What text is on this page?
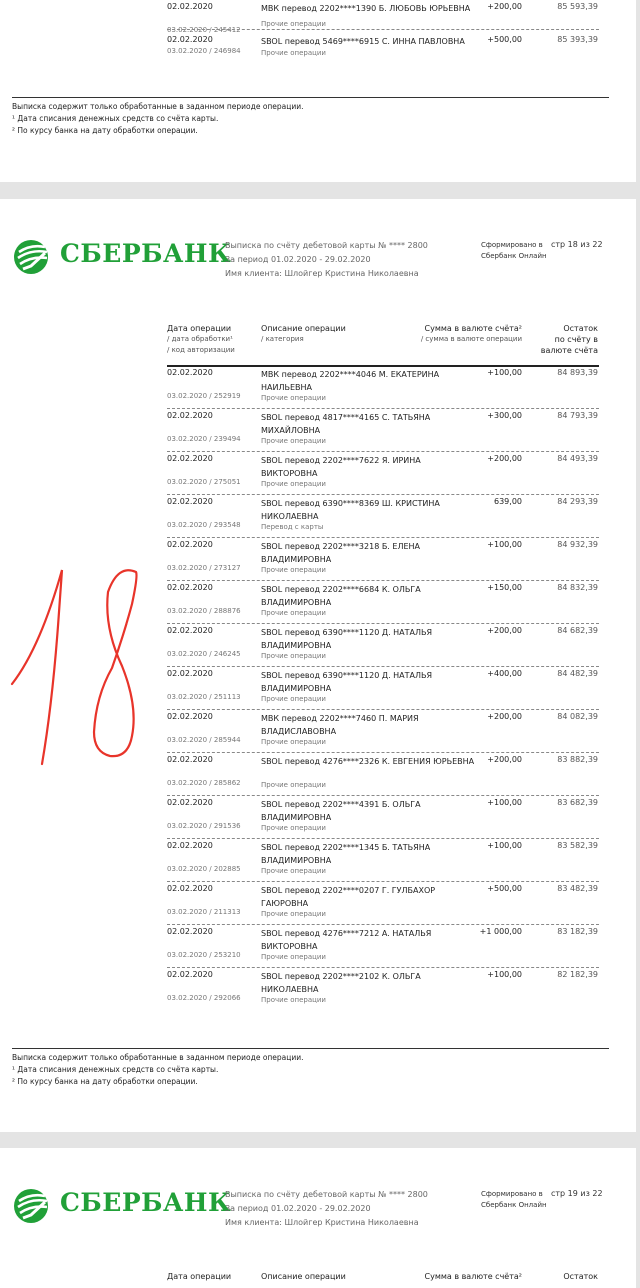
02.02.2020
03.02.2020 / 245412
МВК перевод 2202****1390 Б. ЛЮБОВЬ ЮРЬЕВНА
Прочие операции
+200,00	85 593,39
02.02.2020
03.02.2020 / 246984
SBOL перевод 5469****6915 С. ИННА ПАВЛОВНА
Прочие операции
+500,00	85 393,39
Выписка содержит только обработанные в заданном периоде операции.
¹ Дата списания денежных средств со счёта карты.
² По курсу банка на дату обработки операции.
СБЕРБАНК
Выписка по счёту дебетовой карты № **** 2800
За период 01.02.2020 - 29.02.2020
Имя клиента: Шлойгер Кристина Николаевна
Сформировано в
Сбербанк Онлайн
стр 18 из 22
Дата операции
/ дата обработки¹
/ код авторизации
Описание операции
/ категория
Сумма в валюте счёта²
/ сумма в валюте операции
Остаток
по счёту в
валюте счёта
02.02.2020
03.02.2020 / 252919
МВК перевод 2202****4046 М. ЕКАТЕРИНА НАИЛЬЕВНА
Прочие операции
+100,00	84 893,39
02.02.2020
03.02.2020 / 239494
SBOL перевод 4817****4165 С. ТАТЬЯНА МИХАЙЛОВНА
Прочие операции
+300,00	84 793,39
02.02.2020
03.02.2020 / 275051
SBOL перевод 2202****7622 Я. ИРИНА ВИКТОРОВНА
Прочие операции
+200,00	84 493,39
02.02.2020
03.02.2020 / 293548
SBOL перевод 6390****8369 Ш. КРИСТИНА НИКОЛАЕВНА
Перевод с карты
639,00	84 293,39
02.02.2020
03.02.2020 / 273127
SBOL перевод 2202****3218 Б. ЕЛЕНА ВЛАДИМИРОВНА
Прочие операции
+100,00	84 932,39
02.02.2020
03.02.2020 / 288876
SBOL перевод 2202****6684 К. ОЛЬГА ВЛАДИМИРОВНА
Прочие операции
+150,00	84 832,39
02.02.2020
03.02.2020 / 246245
SBOL перевод 6390****1120 Д. НАТАЛЬЯ ВЛАДИМИРОВНА
Прочие операции
+200,00	84 682,39
02.02.2020
03.02.2020 / 251113
SBOL перевод 6390****1120 Д. НАТАЛЬЯ ВЛАДИМИРОВНА
Прочие операции
+400,00	84 482,39
02.02.2020
03.02.2020 / 285944
МВК перевод 2202****7460 П. МАРИЯ ВЛАДИСЛАВОВНА
Прочие операции
+200,00	84 082,39
02.02.2020
03.02.2020 / 285862
SBOL перевод 4276****2326 К. ЕВГЕНИЯ ЮРЬЕВНА
Прочие операции
+200,00	83 882,39
02.02.2020
03.02.2020 / 291536
SBOL перевод 2202****4391 Б. ОЛЬГА ВЛАДИМИРОВНА
Прочие операции
+100,00	83 682,39
02.02.2020
03.02.2020 / 202885
SBOL перевод 2202****1345 Б. ТАТЬЯНА ВЛАДИМИРОВНА
Прочие операции
+100,00	83 582,39
02.02.2020
03.02.2020 / 211313
SBOL перевод 2202****0207 Г. ГУЛБАХОР ГАЮРОВНА
Прочие операции
+500,00	83 482,39
02.02.2020
03.02.2020 / 253210
SBOL перевод 4276****7212 А. НАТАЛЬЯ ВИКТОРОВНА
Прочие операции
+1 000,00	83 182,39
02.02.2020
03.02.2020 / 292066
SBOL перевод 2202****2102 К. ОЛЬГА НИКОЛАЕВНА
Прочие операции
+100,00	82 182,39
Выписка содержит только обработанные в заданном периоде операции.
¹ Дата списания денежных средств со счёта карты.
² По курсу банка на дату обработки операции.
СБЕРБАНК
Выписка по счёту дебетовой карты № **** 2800
За период 01.02.2020 - 29.02.2020
Имя клиента: Шлойгер Кристина Николаевна
Сформировано в
Сбербанк Онлайн
стр 19 из 22
Дата операции	Описание операции	Сумма в валюте счёта²	Остаток
